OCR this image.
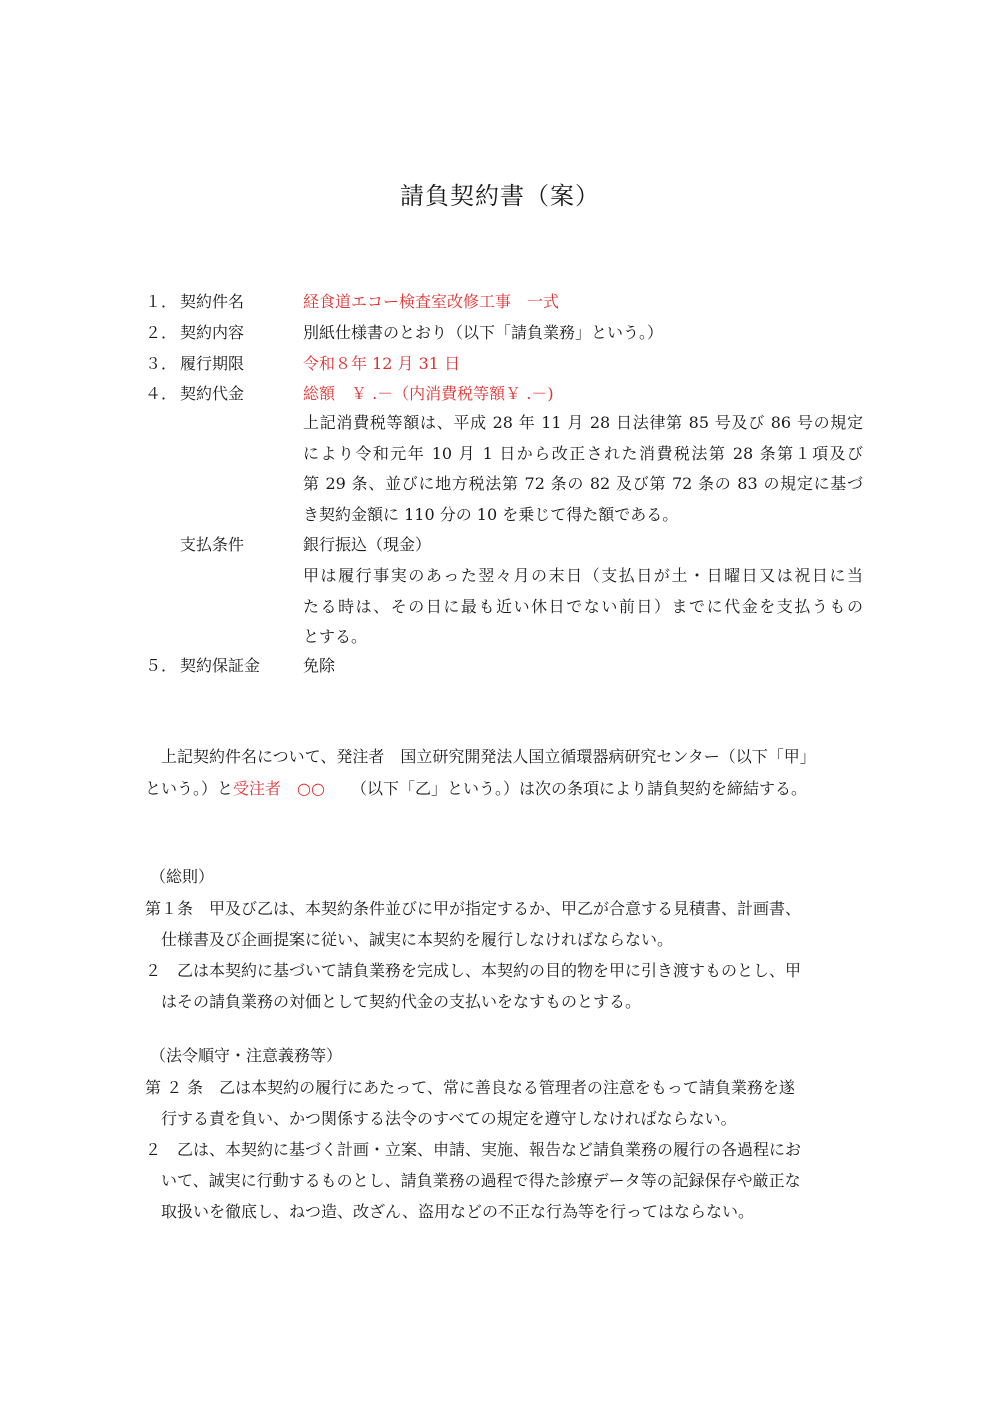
請負契約書（案）
１． 契約件名	経食道エコー検査室改修工事　一式
２． 契約内容	別紙仕様書のとおり（以下「請負業務」という。）
３． 履行期限	令和８年 12 月 31 日
４． 契約代金	総額　￥ .－（内消費税等額￥ .－)
上記消費税等額は、平成 28 年 11 月 28 日法律第 85 号及び 86 号の規定
により令和元年 10 月 1 日から改正された消費税法第 28 条第１項及び
第 29 条、並びに地方税法第 72 条の 82 及び第 72 条の 83 の規定に基づ
き契約金額に 110 分の 10 を乗じて得た額である。
支払条件	銀行振込（現金）
甲は履行事実のあった翌々月の末日（支払日が土・日曜日又は祝日に当
たる時は、その日に最も近い休日でない前日）までに代金を支払うもの
とする。
５． 契約保証金	免除
上記契約件名について、発注者　国立研究開発法人国立循環器病研究センター（以下「甲」
という。）と受注者　○○ （以下「乙」という。）は次の条項により請負契約を締結する。
（総則）
第１条　甲及び乙は、本契約条件並びに甲が指定するか、甲乙が合意する見積書、計画書、
仕様書及び企画提案に従い、誠実に本契約を履行しなければならない。
２　乙は本契約に基づいて請負業務を完成し、本契約の目的物を甲に引き渡すものとし、甲
はその請負業務の対価として契約代金の支払いをなすものとする。
（法令順守・注意義務等）
第 ２ 条　乙は本契約の履行にあたって、常に善良なる管理者の注意をもって請負業務を遂
行する責を負い、かつ関係する法令のすべての規定を遵守しなければならない。
２　乙は、本契約に基づく計画・立案、申請、実施、報告など請負業務の履行の各過程にお
いて、誠実に行動するものとし、請負業務の過程で得た診療データ等の記録保存や厳正な
取扱いを徹底し、ねつ造、改ざん、盗用などの不正な行為等を行ってはならない。
